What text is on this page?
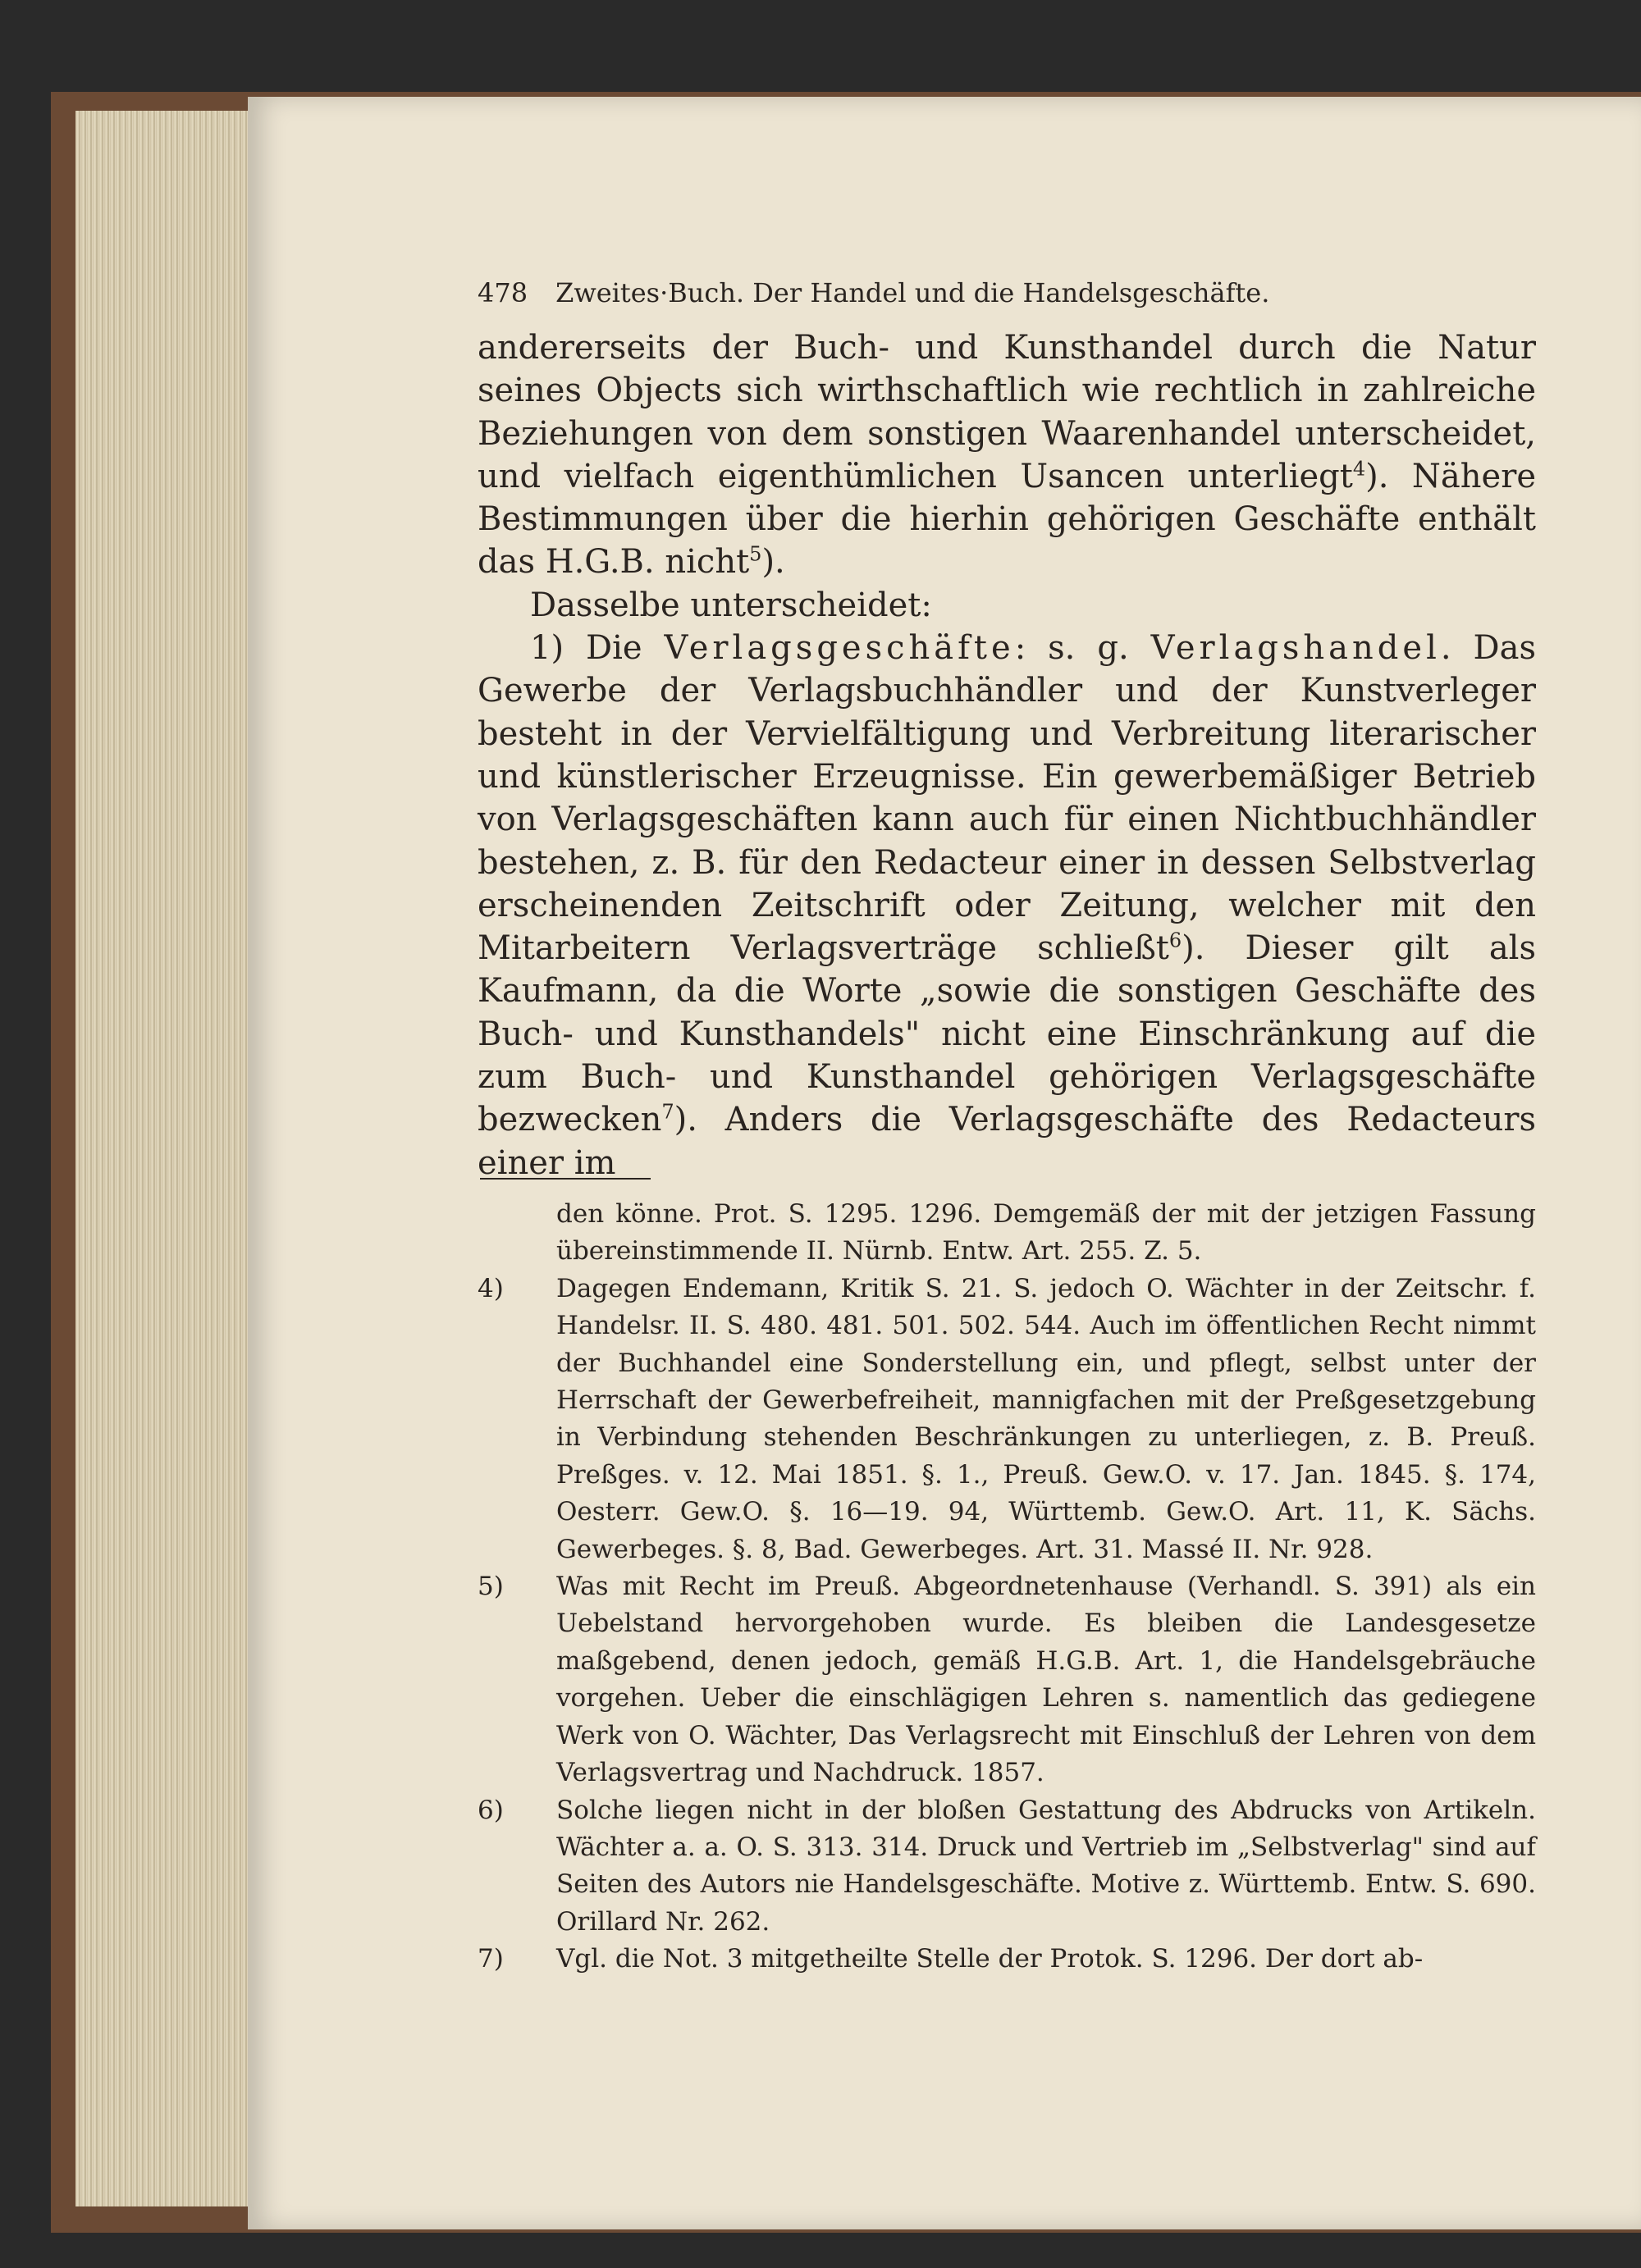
478 Zweites·Buch. Der Handel und die Handelsgeschäfte.

andererseits der Buch- und Kunsthandel durch die Natur seines Objects sich wirthschaftlich wie rechtlich in zahlreiche Beziehungen von dem sonstigen Waarenhandel unterscheidet, und vielfach eigenthümlichen Usancen unterliegt$^4$). Nähere Bestimmungen über die hierhin gehörigen Geschäfte enthält das H.G.B. nicht$^5$).

Dasselbe unterscheidet:

1) Die Verlagsgeschäfte: s. g. Verlagshandel. Das Gewerbe der Verlagsbuchhändler und der Kunstverleger besteht in der Vervielfältigung und Verbreitung literarischer und künstlerischer Erzeugnisse. Ein gewerbemäßiger Betrieb von Verlagsgeschäften kann auch für einen Nichtbuchhändler bestehen, z. B. für den Redacteur einer in dessen Selbstverlag erscheinenden Zeitschrift oder Zeitung, welcher mit den Mitarbeitern Verlagsverträge schließt$^6$). Dieser gilt als Kaufmann, da die Worte „sowie die sonstigen Geschäfte des Buch- und Kunsthandels" nicht eine Einschränkung auf die zum Buch- und Kunsthandel gehörigen Verlagsgeschäfte bezwecken$^7$). Anders die Verlagsgeschäfte des Redacteurs einer im

den könne. Prot. S. 1295. 1296. Demgemäß der mit der jetzigen Fassung übereinstimmende II. Nürnb. Entw. Art. 255. Z. 5.

4) Dagegen Endemann, Kritik S. 21. S. jedoch O. Wächter in der Zeitschr. f. Handelsr. II. S. 480. 481. 501. 502. 544. Auch im öffentlichen Recht nimmt der Buchhandel eine Sonderstellung ein, und pflegt, selbst unter der Herrschaft der Gewerbefreiheit, mannigfachen mit der Preßgesetzgebung in Verbindung stehenden Beschränkungen zu unterliegen, z. B. Preuß. Preßges. v. 12. Mai 1851. §. 1., Preuß. Gew.O. v. 17. Jan. 1845. §. 174, Oesterr. Gew.O. §. 16—19. 94, Württemb. Gew.O. Art. 11, K. Sächs. Gewerbeges. §. 8, Bad. Gewerbeges. Art. 31. Massé II. Nr. 928.

5) Was mit Recht im Preuß. Abgeordnetenhause (Verhandl. S. 391) als ein Uebelstand hervorgehoben wurde. Es bleiben die Landesgesetze maßgebend, denen jedoch, gemäß H.G.B. Art. 1, die Handelsgebräuche vorgehen. Ueber die einschlägigen Lehren s. namentlich das gediegene Werk von O. Wächter, Das Verlagsrecht mit Einschluß der Lehren von dem Verlagsvertrag und Nachdruck. 1857.

6) Solche liegen nicht in der bloßen Gestattung des Abdrucks von Artikeln. Wächter a. a. O. S. 313. 314. Druck und Vertrieb im „Selbstverlag" sind auf Seiten des Autors nie Handelsgeschäfte. Motive z. Württemb. Entw. S. 690. Orillard Nr. 262.

7) Vgl. die Not. 3 mitgetheilte Stelle der Protok. S. 1296. Der dort ab-
